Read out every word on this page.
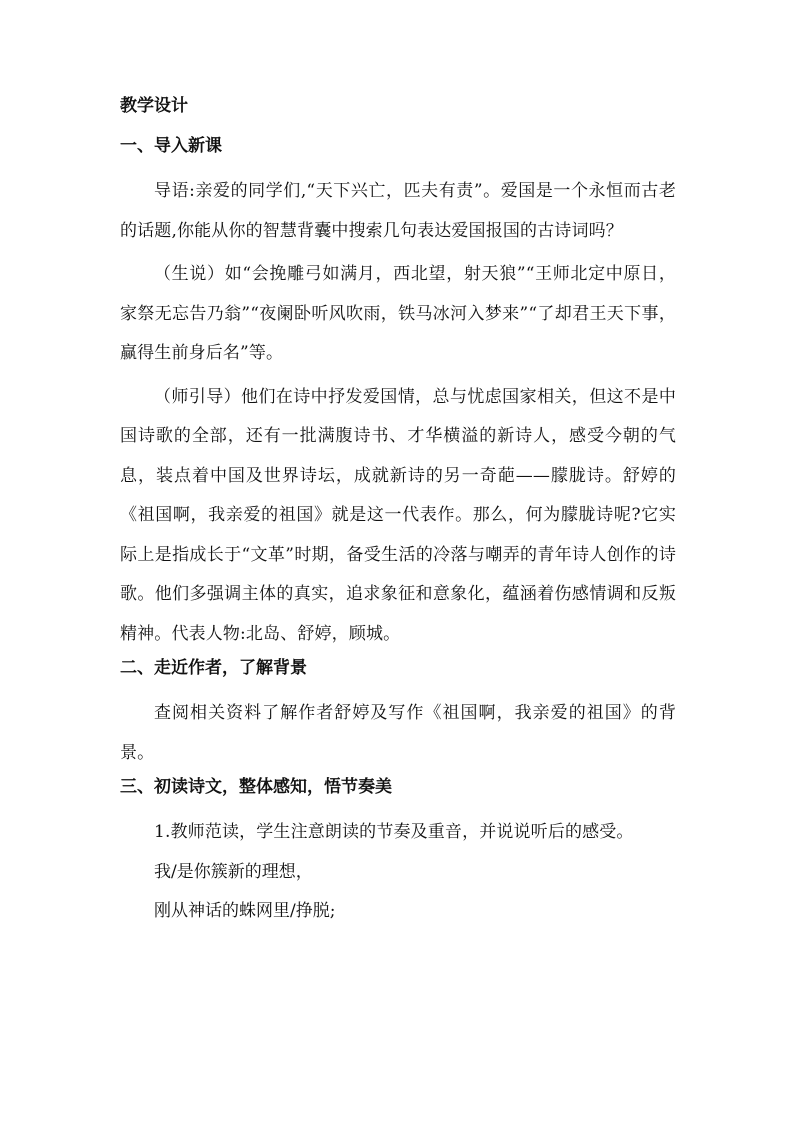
教学设计
一、导入新课

导语:亲爱的同学们,“天下兴亡，匹夫有责”。爱国是一个永恒而古老的话题,你能从你的智慧背囊中搜索几句表达爱国报国的古诗词吗？

（生说）如“会挽雕弓如满月，西北望，射天狼”“王师北定中原日，家祭无忘告乃翁”“夜阑卧听风吹雨，铁马冰河入梦来”“了却君王天下事，赢得生前身后名”等。

（师引导）他们在诗中抒发爱国情，总与忧虑国家相关，但这不是中国诗歌的全部，还有一批满腹诗书、才华横溢的新诗人，感受今朝的气息，装点着中国及世界诗坛，成就新诗的另一奇葩——朦胧诗。舒婷的《祖国啊，我亲爱的祖国》就是这一代表作。那么，何为朦胧诗呢?它实际上是指成长于“文革”时期，备受生活的冷落与嘲弄的青年诗人创作的诗歌。他们多强调主体的真实，追求象征和意象化，蕴涵着伤感情调和反叛精神。代表人物:北岛、舒婷，顾城。

二、走近作者，了解背景

查阅相关资料了解作者舒婷及写作《祖国啊，我亲爱的祖国》的背景。

三、初读诗文，整体感知，悟节奏美

1.教师范读，学生注意朗读的节奏及重音，并说说听后的感受。

我/是你簇新的理想，

刚从神话的蛛网里/挣脱;
